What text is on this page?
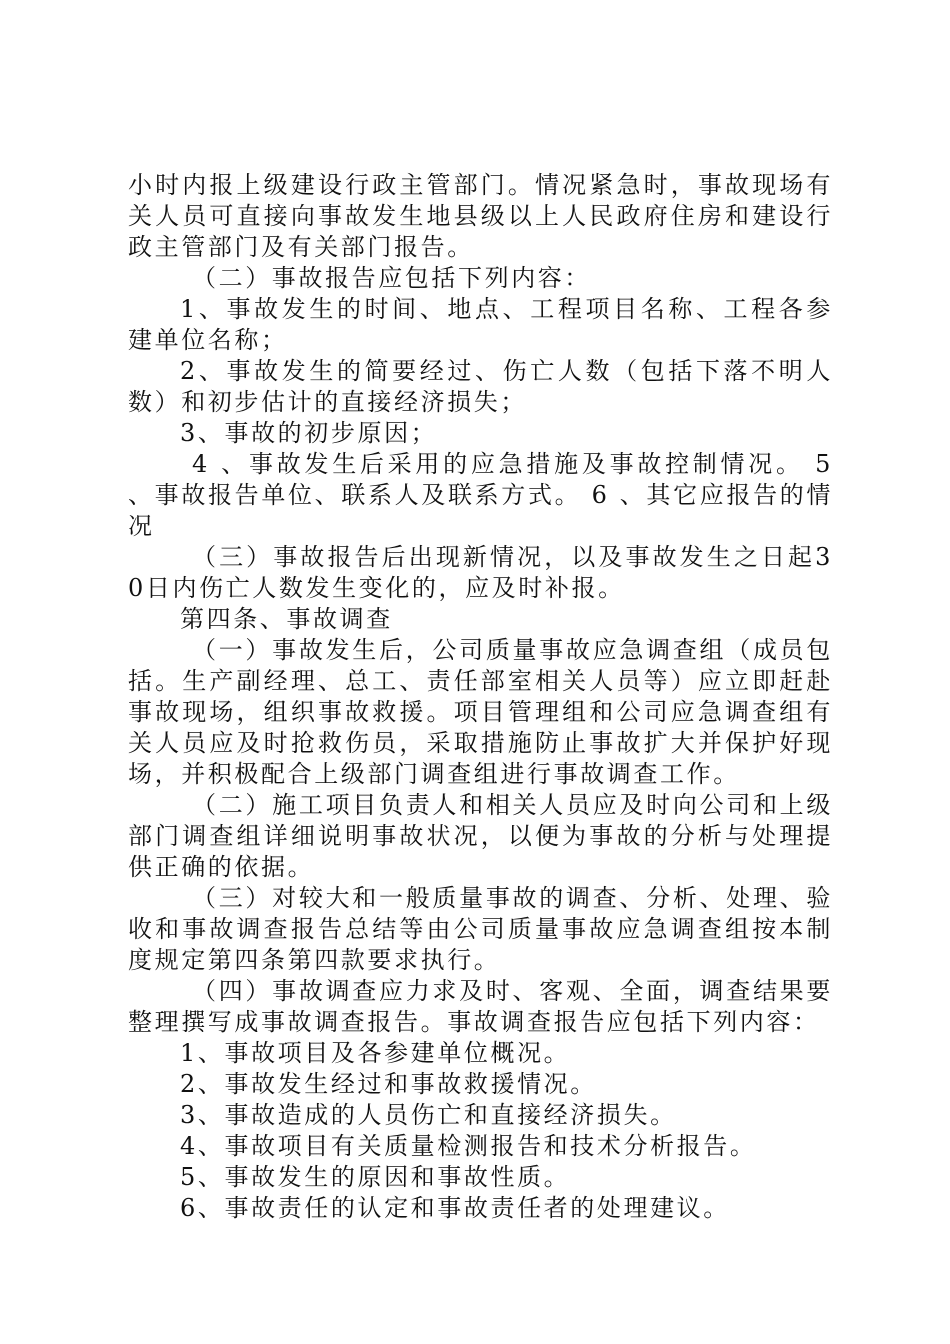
小时内报上级建设行政主管部门。情况紧急时，事故现场有关人员可直接向事故发生地县级以上人民政府住房和建设行政主管部门及有关部门报告。

（二）事故报告应包括下列内容：

1、事故发生的时间、地点、工程项目名称、工程各参建单位名称；

2、事故发生的简要经过、伤亡人数（包括下落不明人数）和初步估计的直接经济损失；

3、事故的初步原因；

4 、事故发生后采用的应急措施及事故控制情况。 5 、事故报告单位、联系人及联系方式。 6 、其它应报告的情况

（三）事故报告后出现新情况，以及事故发生之日起30日内伤亡人数发生变化的，应及时补报。

第四条、事故调查

（一）事故发生后，公司质量事故应急调查组（成员包括。生产副经理、总工、责任部室相关人员等）应立即赶赴事故现场，组织事故救援。项目管理组和公司应急调查组有关人员应及时抢救伤员，采取措施防止事故扩大并保护好现场，并积极配合上级部门调查组进行事故调查工作。

（二）施工项目负责人和相关人员应及时向公司和上级部门调查组详细说明事故状况，以便为事故的分析与处理提供正确的依据。

（三）对较大和一般质量事故的调查、分析、处理、验收和事故调查报告总结等由公司质量事故应急调查组按本制度规定第四条第四款要求执行。

（四）事故调查应力求及时、客观、全面，调查结果要整理撰写成事故调查报告。事故调查报告应包括下列内容：

1、事故项目及各参建单位概况。

2、事故发生经过和事故救援情况。

3、事故造成的人员伤亡和直接经济损失。

4、事故项目有关质量检测报告和技术分析报告。

5、事故发生的原因和事故性质。

6、事故责任的认定和事故责任者的处理建议。
